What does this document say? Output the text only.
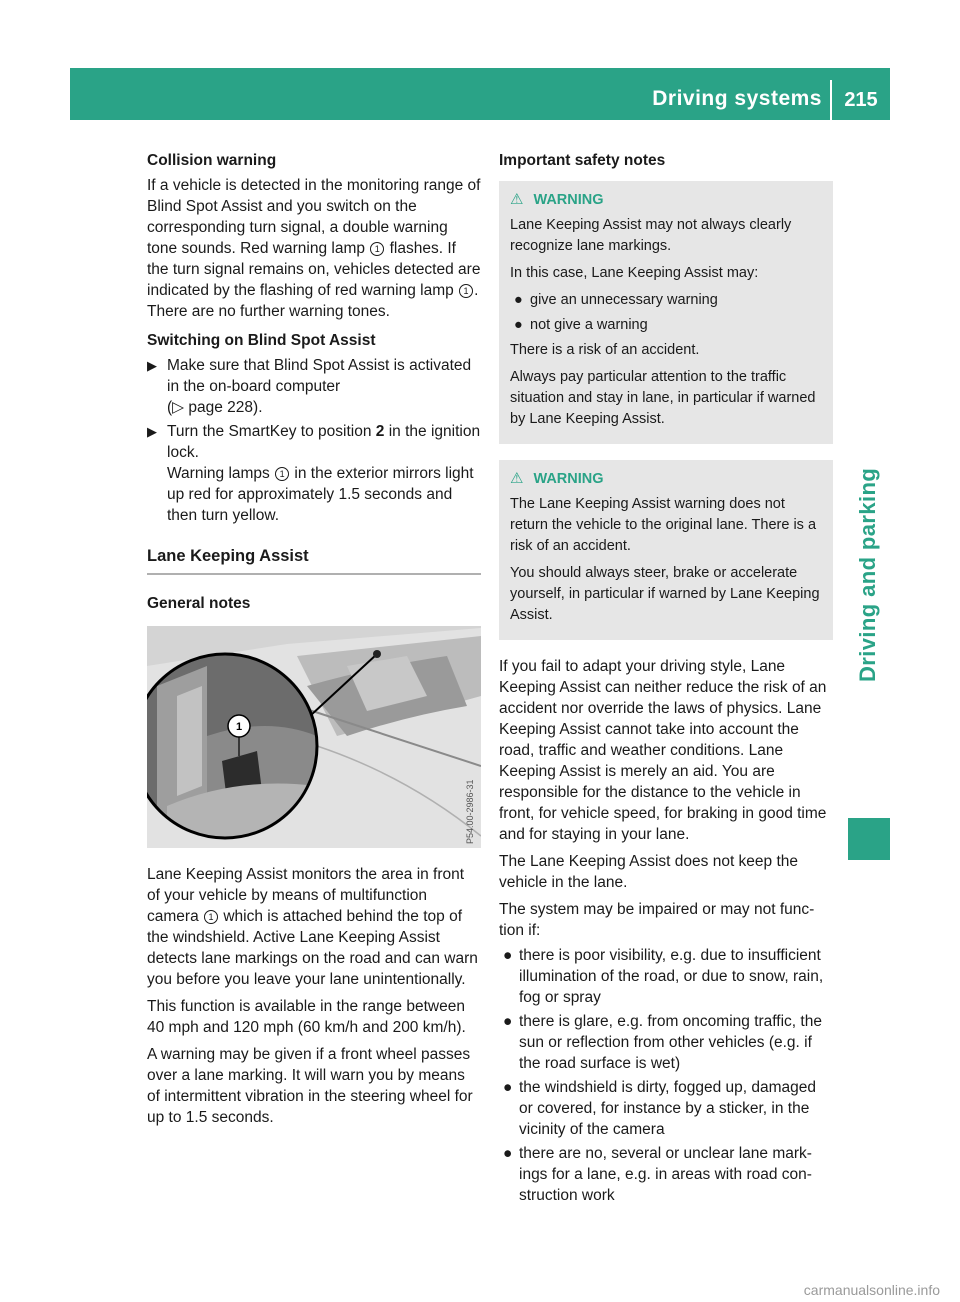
Driving systems	215
Driving and parking
Collision warning

If a vehicle is detected in the monitoring range of Blind Spot Assist and you switch on the corresponding turn signal, a double warning tone sounds. Red warning lamp 1 flashes. If the turn signal remains on, vehicles detected are indicated by the flashing of red warning lamp 1 . There are no further warning tones.

Switching on Blind Spot Assist
▶ Make sure that Blind Spot Assist is activated in the on-board computer
(▷ page 228).
▶ Turn the SmartKey to position 2 in the ignition lock.
Warning lamps 1 in the exterior mirrors light up red for approximately 1.5 seconds and then turn yellow.
Lane Keeping Assist
General notes
1
P54.00-2986-31

Lane Keeping Assist monitors the area in front of your vehicle by means of multifunction camera 1 which is attached behind the top of the windshield. Active Lane Keeping Assist detects lane markings on the road and can warn you before you leave your lane unintentionally.

This function is available in the range between 40 mph and 120 mph (60 km/h and 200 km/h).

A warning may be given if a front wheel passes over a lane marking. It will warn you by means of intermittent vibration in the steering wheel for up to 1.5 seconds.

Important safety notes
⚠ WARNING

Lane Keeping Assist may not always clearly recognize lane markings.

In this case, Lane Keeping Assist may:

● give an unnecessary warning
● not give a warning

There is a risk of an accident.

Always pay particular attention to the traffic situation and stay in lane, in particular if warned by Lane Keeping Assist.

⚠ WARNING

The Lane Keeping Assist warning does not return the vehicle to the original lane. There is a risk of an accident.

You should always steer, brake or accelerate yourself, in particular if warned by Lane Keeping Assist.

If you fail to adapt your driving style, Lane Keeping Assist can neither reduce the risk of an accident nor override the laws of physics. Lane Keeping Assist cannot take into account the road, traffic and weather conditions. Lane Keeping Assist is merely an aid. You are responsible for the distance to the vehicle in front, for vehicle speed, for braking in good time and for staying in your lane.

The Lane Keeping Assist does not keep the vehicle in the lane.

The system may be impaired or may not function if:

● there is poor visibility, e.g. due to insufficient illumination of the road, or due to snow, rain, fog or spray
● there is glare, e.g. from oncoming traffic, the sun or reflection from other vehicles (e.g. if the road surface is wet)
● the windshield is dirty, fogged up, damaged or covered, for instance by a sticker, in the vicinity of the camera
● there are no, several or unclear lane markings for a lane, e.g. in areas with road construction work
carmanualsonline.info
